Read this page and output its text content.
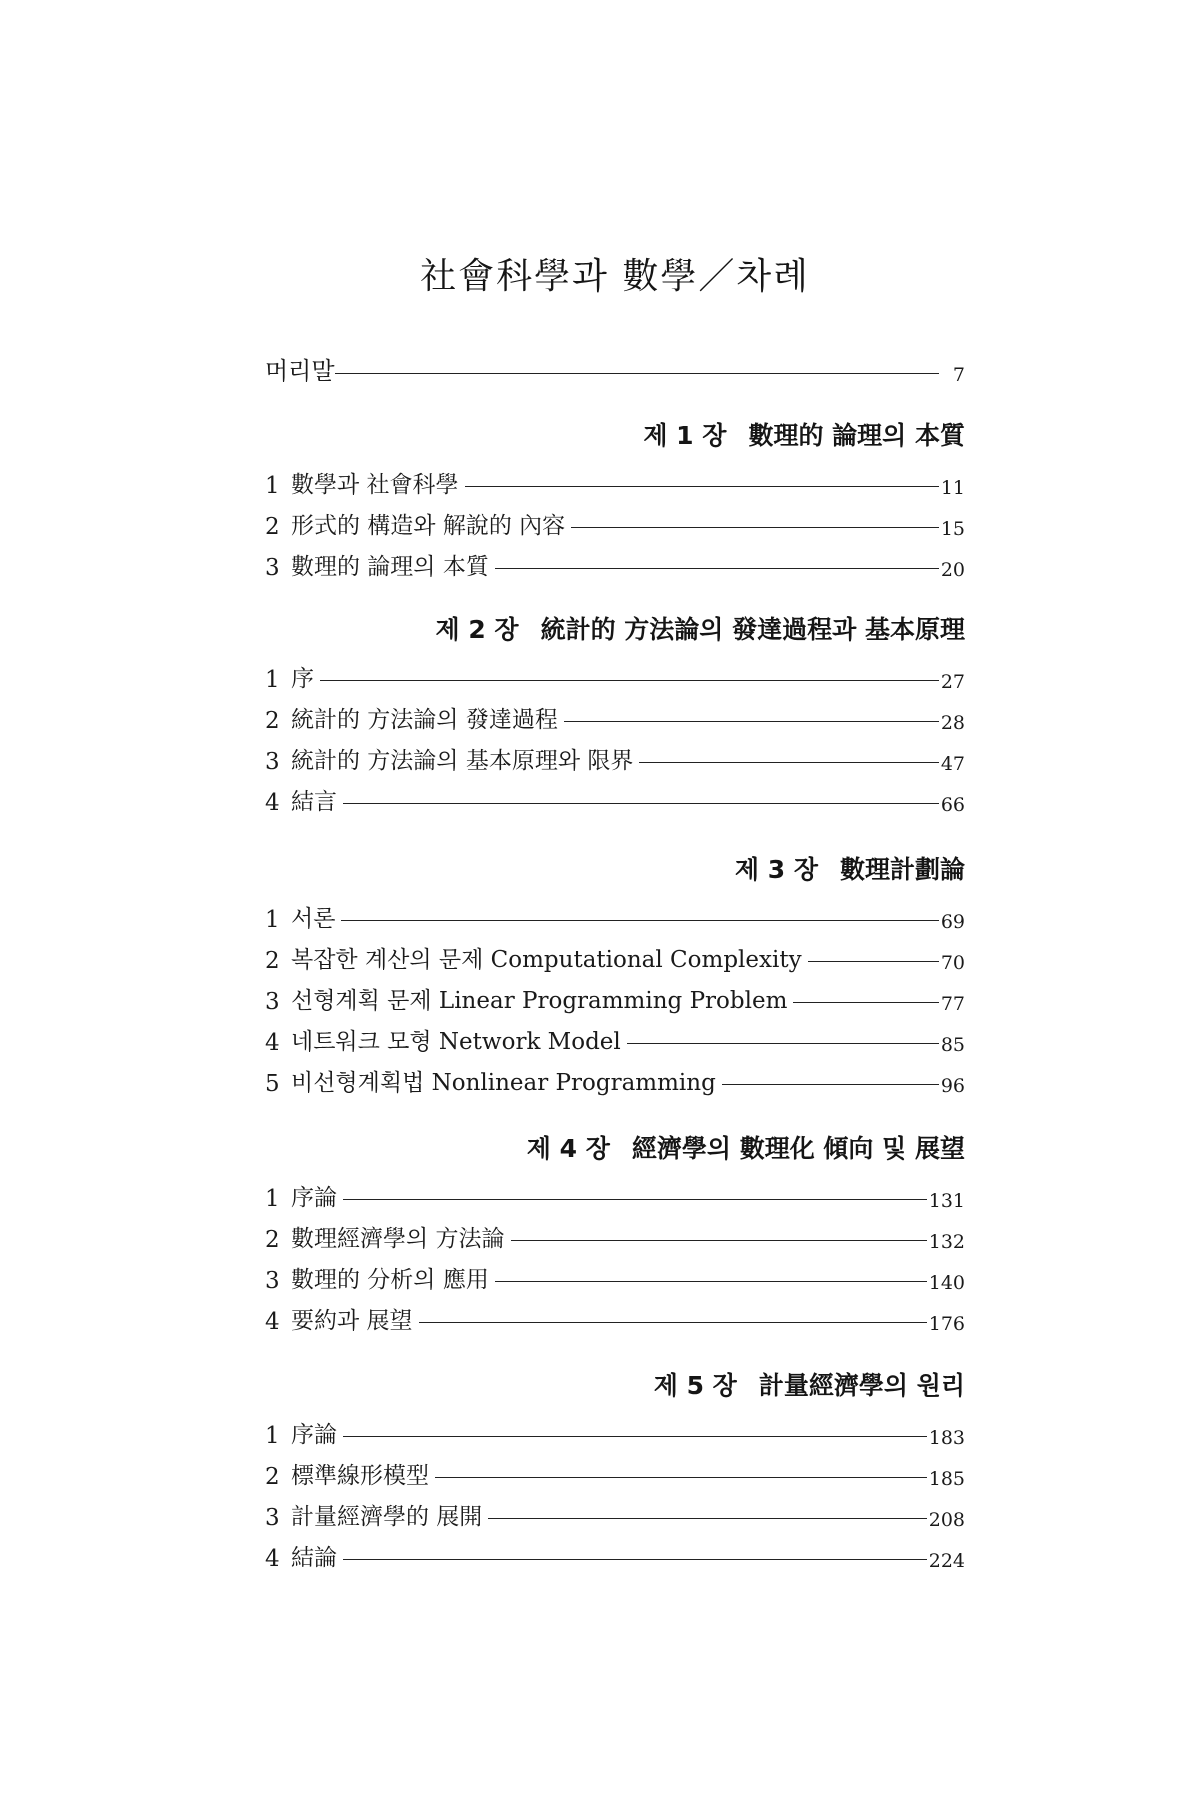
社會科學과 數學／차례
머리말	7
제 1 장 數理的 論理의 本質
1 數學과 社會科學	11
2 形式的 構造와 解說的 內容	15
3 數理的 論理의 本質	20
제 2 장 統計的 方法論의 發達過程과 基本原理
1 序	27
2 統計的 方法論의 發達過程	28
3 統計的 方法論의 基本原理와 限界	47
4 結言	66
제 3 장 數理計劃論
1 서론	69
2 복잡한 계산의 문제 Computational Complexity	70
3 선형계획 문제 Linear Programming Problem	77
4 네트워크 모형 Network Model	85
5 비선형계획법 Nonlinear Programming	96
제 4 장 經濟學의 數理化 傾向 및 展望
1 序論	131
2 數理經濟學의 方法論	132
3 數理的 分析의 應用	140
4 要約과 展望	176
제 5 장 計量經濟學의 원리
1 序論	183
2 標準線形模型	185
3 計量經濟學的 展開	208
4 結論	224
